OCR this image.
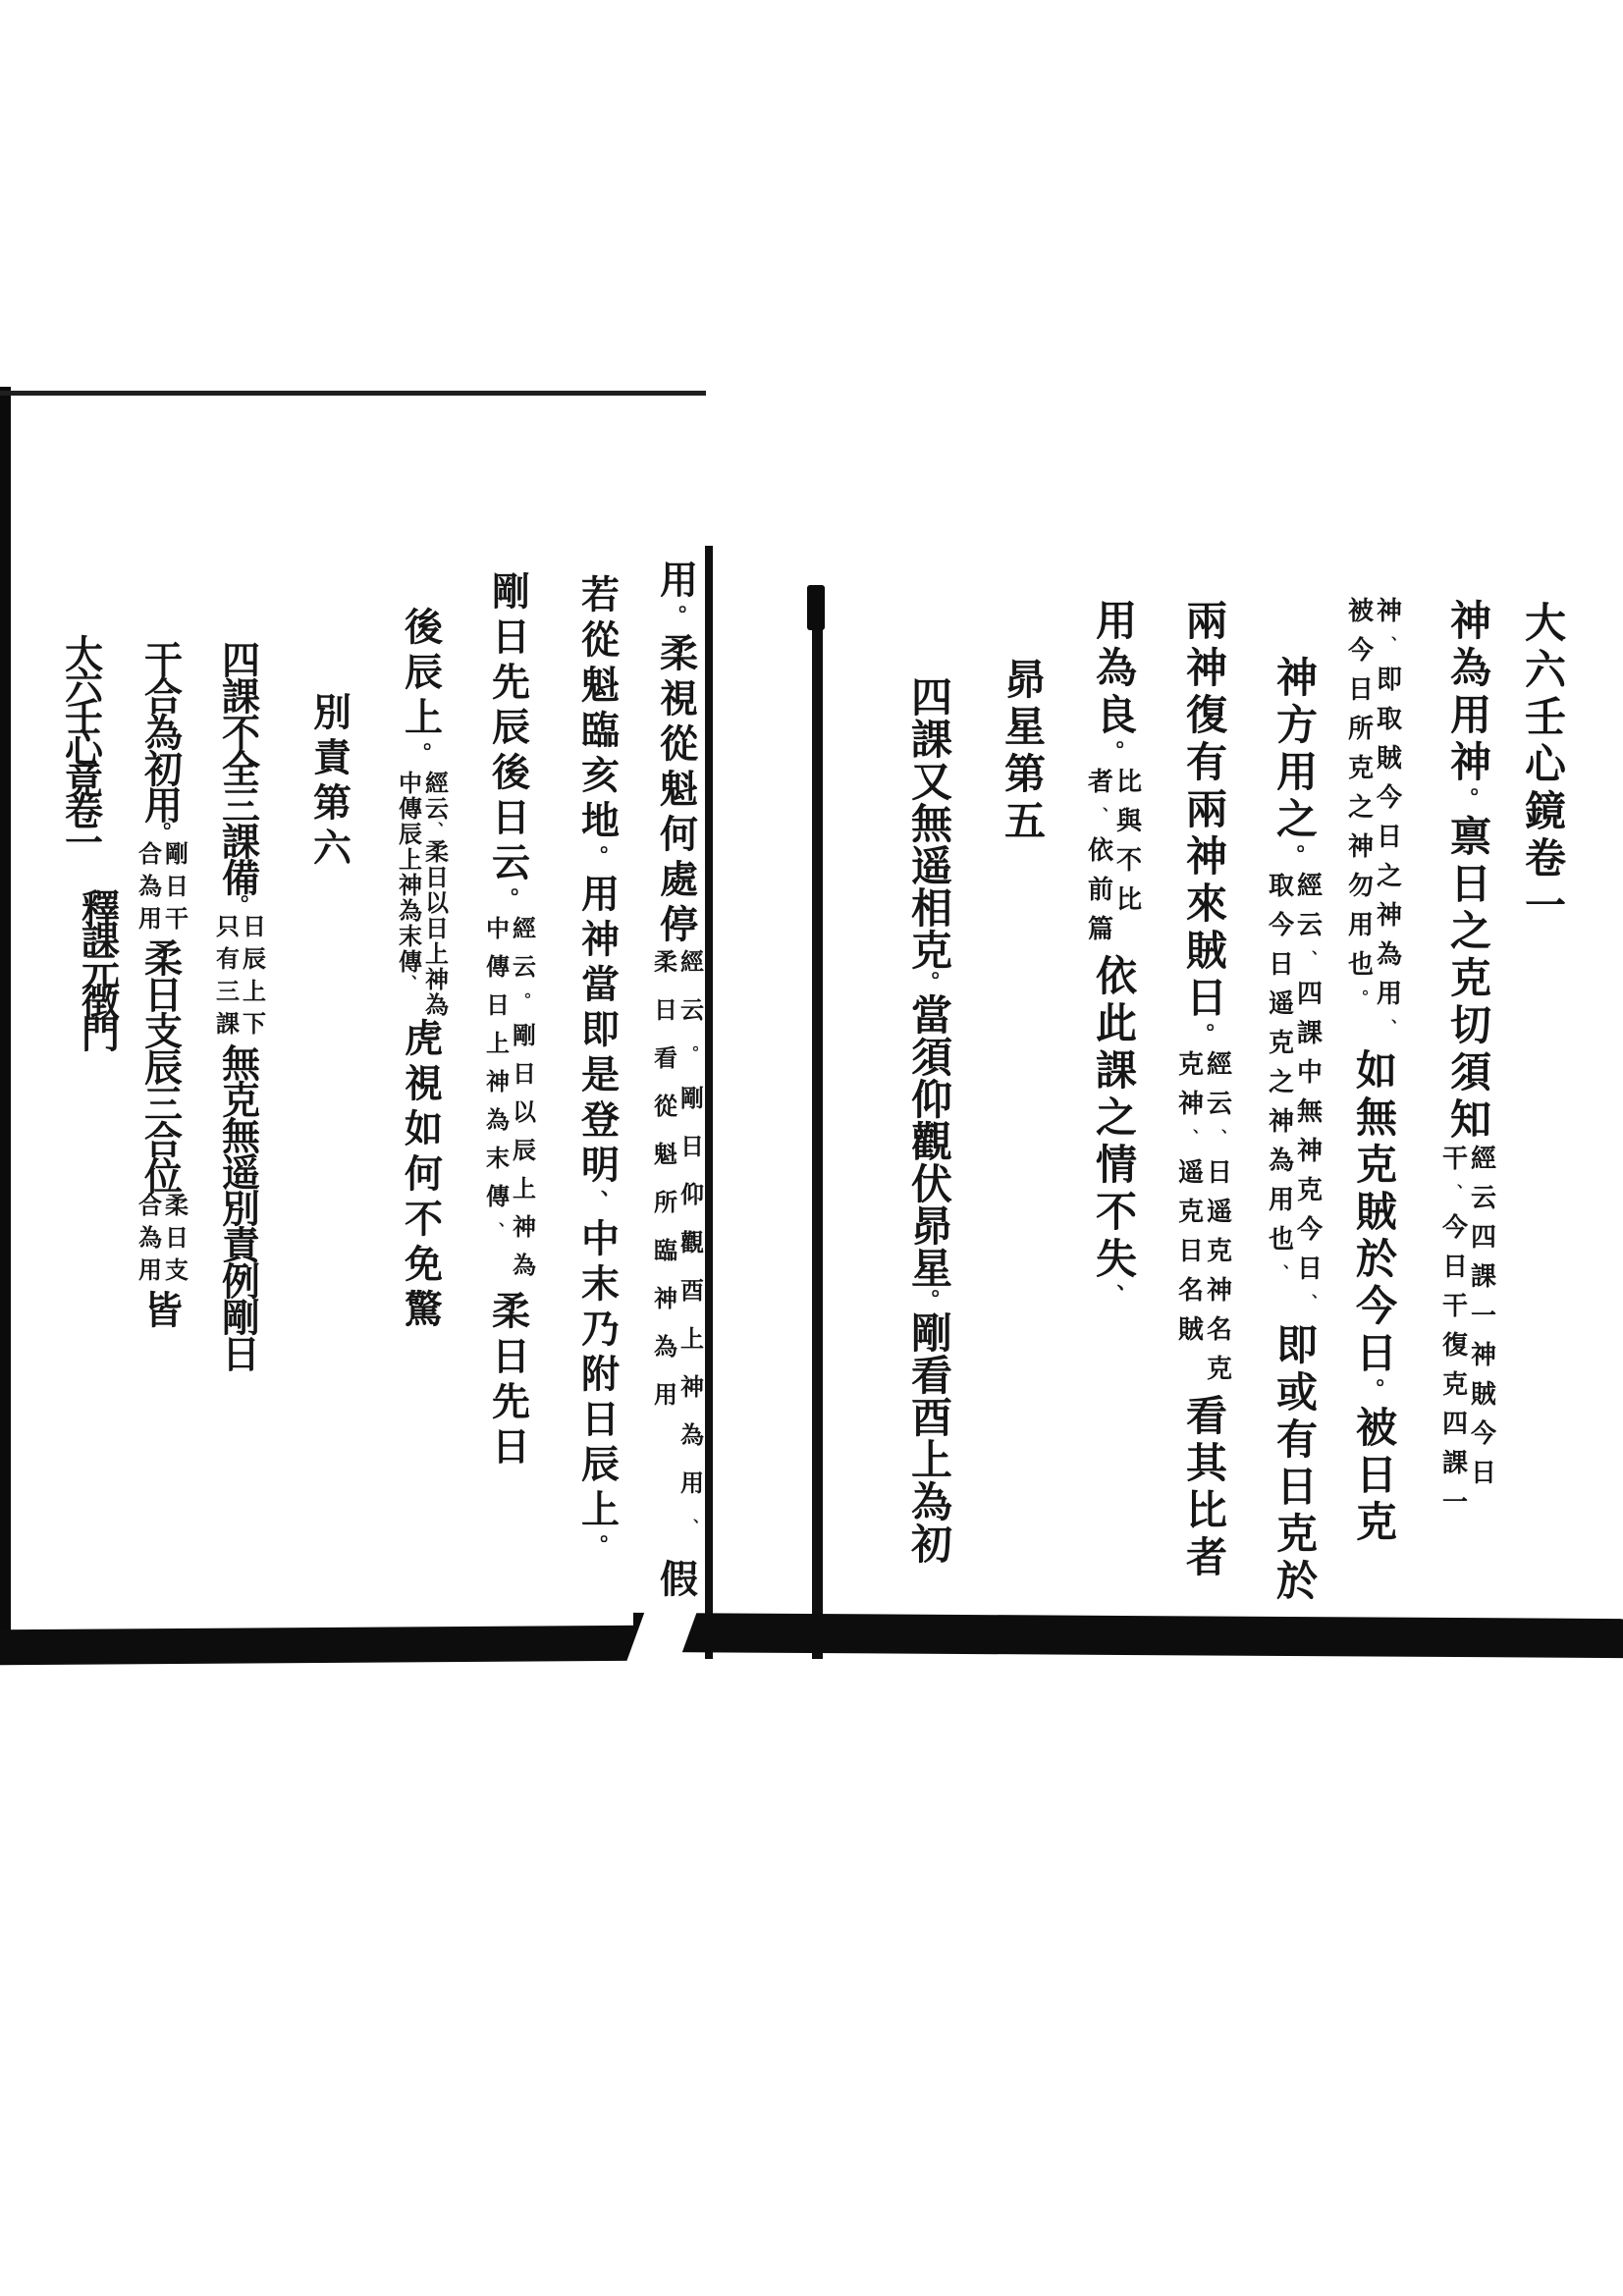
大六壬心鏡卷一
神為用神。禀日之克切須知
經云四課一神賊今日
干、今日干復克四課一
神、即取賊今日之神為用、
被今日所克之神勿用也。
如無克賊於今日。被日克
神方用之。
經云、四課中無神克今日、
取今日遥克之神為用也、
即或有日克於
兩神復有兩神來賊日。
經云、日遥克神名克
克神、遥克日名賊
看其比者
用為良。
比與不比
者、依前篇
依此課之情不失、
昴星第五
四課又無遥相克。當須仰觀伏昴星。剛看酉上為初
用。柔視從魁何處停
經云。剛日仰觀酉上神為用、
柔日看從魁所臨神為用
假
若從魁臨亥地。用神當即是登明、中末乃附日辰上。
剛日先辰後日云。
經云。剛日以辰上神為
中傳日上神為末傳、
柔日先日
後辰上。
經云、柔日以日上神為
中傳辰上神為末傳、
虎視如何不免驚
別責第六
四課不全三課備。
日辰上下
只有三課
無克無遥別責例剛日
干合為初用。
剛日干
合為用
柔日支辰三合位
柔日支
合為用
皆
大六壬心竟卷一
釋課元徴門
